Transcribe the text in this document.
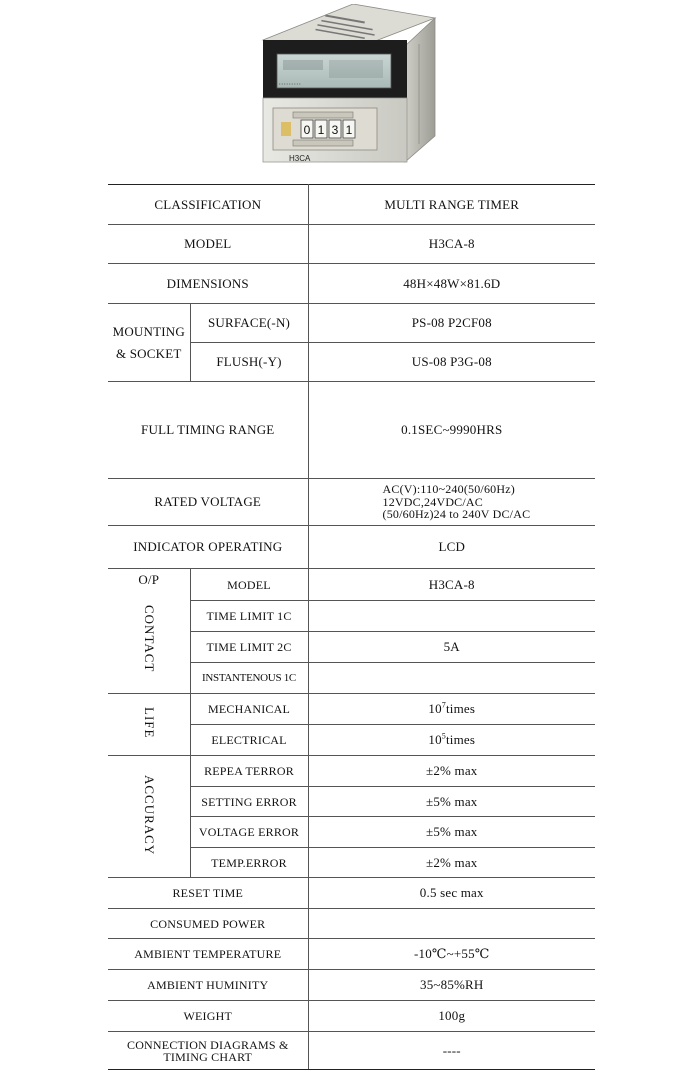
• • • • • • • • •
0 1 3 1
H3CA
CLASSIFICATION		MULTI RANGE TIMER
MODEL		H3CA-8
DIMENSIONS		48H×48W×81.6D

MOUNTING
& SOCKET	SURFACE(-N)	PS-08 P2CF08
	FLUSH(-Y)	US-08 P3G-08
FULL TIMING RANGE		0.1SEC~9990HRS
RATED VOLTAGE		AC(V):110~240(50/60Hz)
12VDC,24VDC/AC
(50/60Hz)24 to 240V DC/AC

INDICATOR OPERATING		LCD

O/P
CONTACT	MODEL	H3CA-8
	TIME LIMIT 1C	
	TIME LIMIT 2C	5A
	INSTANTENOUS 1C	
LIFE	MECHANICAL	$10^7times$
	ELECTRICAL	$10^5times$
ACCURACY	REPEA TERROR	±2% max
	SETTING ERROR	±5% max
	VOLTAGE ERROR	±5% max
	TEMP.ERROR	±2% max
RESET TIME		0.5 sec max
CONSUMED POWER		
AMBIENT TEMPERATURE		-10℃~+55℃
AMBIENT HUMINITY		35~85%RH
WEIGHT		100g

CONNECTION DIAGRAMS &
TIMING CHART		----
